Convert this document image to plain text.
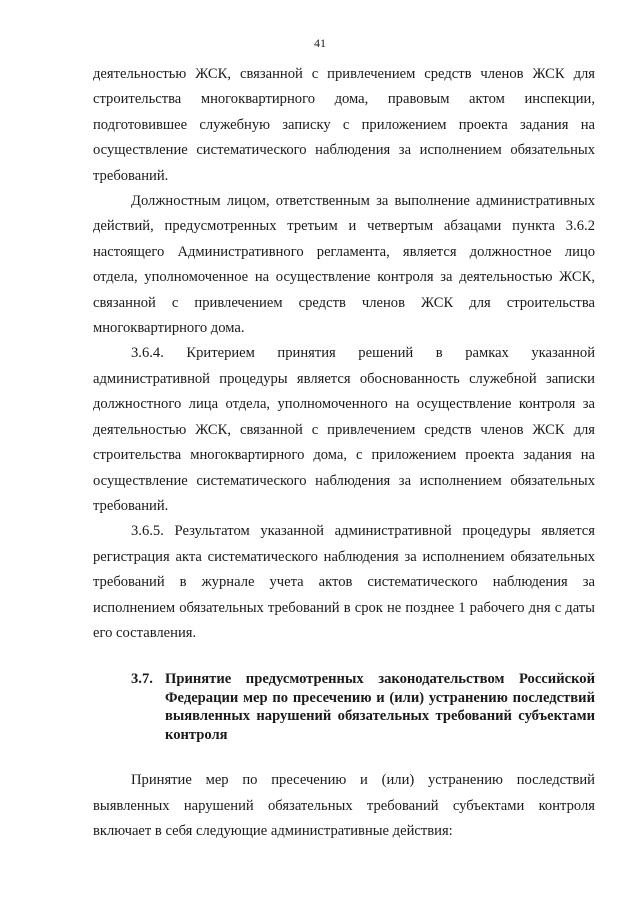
41

деятельностью ЖСК, связанной с привлечением средств членов ЖСК для строительства многоквартирного дома, правовым актом инспекции, подготовившее служебную записку с приложением проекта задания на осуществление систематического наблюдения за исполнением обязательных требований.

Должностным лицом, ответственным за выполнение административных действий, предусмотренных третьим и четвертым абзацами пункта 3.6.2 настоящего Административного регламента, является должностное лицо отдела, уполномоченное на осуществление контроля за деятельностью ЖСК, связанной с привлечением средств членов ЖСК для строительства многоквартирного дома.

3.6.4. Критерием принятия решений в рамках указанной административной процедуры является обоснованность служебной записки должностного лица отдела, уполномоченного на осуществление контроля за деятельностью ЖСК, связанной с привлечением средств членов ЖСК для строительства многоквартирного дома, с приложением проекта задания на осуществление систематического наблюдения за исполнением обязательных требований.

3.6.5. Результатом указанной административной процедуры является регистрация акта систематического наблюдения за исполнением обязательных требований в журнале учета актов систематического наблюдения за исполнением обязательных требований в срок не позднее 1 рабочего дня с даты его составления.

3.7. Принятие предусмотренных законодательством Российской Федерации мер по пресечению и (или) устранению последствий выявленных нарушений обязательных требований субъектами контроля

Принятие мер по пресечению и (или) устранению последствий выявленных нарушений обязательных требований субъектами контроля включает в себя следующие административные действия:
